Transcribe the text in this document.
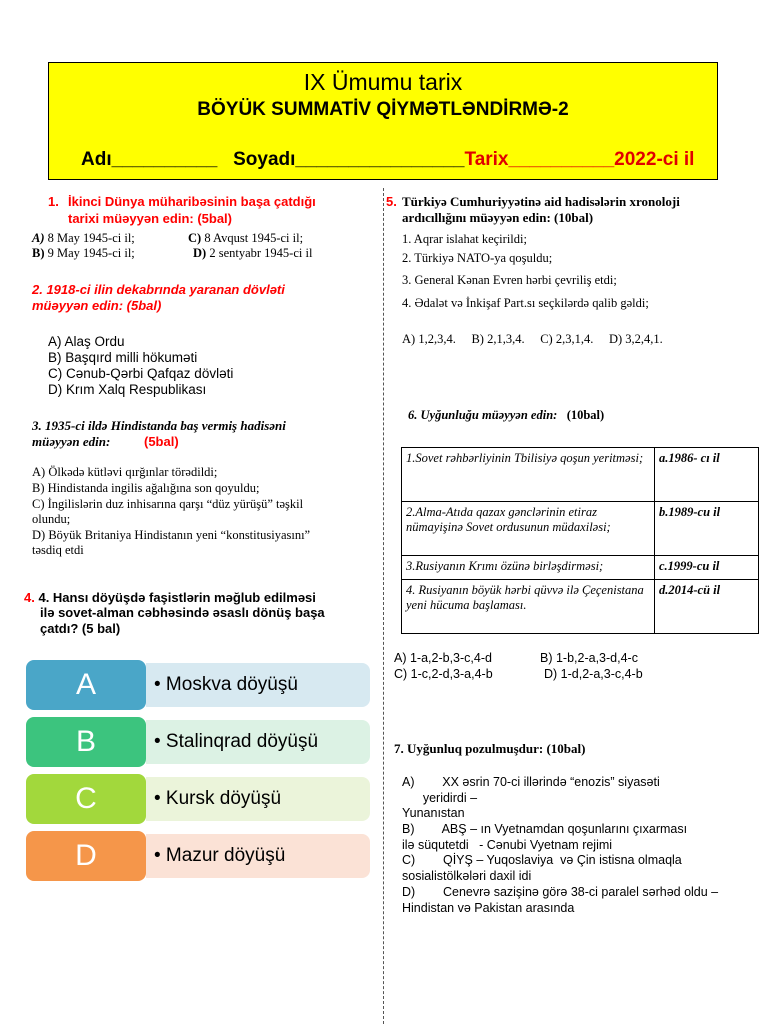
IX Ümumu tarix
BÖYÜK SUMMATİV QİYMƏTLƏNDİRMƏ-2
Adı__________ Soyadı________________Tarix__________2022-ci il
1. İkinci Dünya müharibəsinin başa çatdığı
tarixi müəyyən edin: (5bal)
A) 8 May 1945-ci il;	C) 8 Avqust 1945-ci il;
B) 9 May 1945-ci il;	D) 2 sentyabr 1945-ci il
2. 1918-ci ilin dekabrında yaranan dövləti
müəyyən edin: (5bal)
A) Alaş Ordu
B) Başqırd milli hökuməti
C) Cənub-Qərbi Qafqaz dövləti
D) Krım Xalq Respublikası
3. 1935-ci ildə Hindistanda baş vermiş hadisəni
müəyyən edin:	(5bal)
A) Ölkədə kütləvi qırğınlar törədildi;
B) Hindistanda ingilis ağalığına son qoyuldu;
C) İngilislərin duz inhisarına qarşı “düz yürüşü” təşkil
olundu;
D) Böyük Britaniya Hindistanın yeni “konstitusiyasını”
təsdiq etdi
4. 4. Hansı döyüşdə faşistlərin məğlub edilməsi
ilə sovet-alman cəbhəsində əsaslı dönüş başa
çatdı? (5 bal)
A	• Moskva döyüşü
B	• Stalinqrad döyüşü
C	• Kursk döyüşü
D	• Mazur döyüşü
5. Türkiyə Cumhuriyyətinə aid hadisələrin xronoloji
ardıcıllığını müəyyən edin: (10bal)
1. Aqrar islahat keçirildi;
2. Türkiyə NATO-ya qoşuldu;
3. General Kənan Evren hərbi çevriliş etdi;
4. Ədalət və İnkişaf Part.sı seçkilərdə qalib gəldi;
A) 1,2,3,4.     B) 2,1,3,4.     C) 2,3,1,4.     D) 3,2,4,1.
6. Uyğunluğu müəyyən edin: (10bal)
1.Sovet rəhbərliyinin Tbilisiyə qoşun yeritməsi;	a.1986- cı il
2.Alma-Atıda qazax gənclərinin etiraz nümayişinə Sovet ordusunun müdaxiləsi;	b.1989-cu il
3.Rusiyanın Krımı özünə birləşdirməsi;	c.1999-cu il
4. Rusiyanın böyük hərbi qüvvə ilə Çeçenistana yeni hücuma başlaması.	d.2014-cü il
A) 1-a,2-b,3-c,4-d	B) 1-b,2-a,3-d,4-c
C) 1-c,2-d,3-a,4-b	D) 1-d,2-a,3-c,4-b
7. Uyğunluq pozulmuşdur: (10bal)
A)        XX əsrin 70-ci illərində “enozis” siyasəti
yeridirdi –
Yunanıstan
B)        ABŞ – ın Vyetnamdan qoşunlarını çıxarması
ilə süqutetdi   - Cənubi Vyetnam rejimi
C)        QİYŞ – Yuqoslaviya  və Çin istisna olmaqla
sosialistölkələri daxil idi
D)        Cenevrə sazişinə görə 38-ci paralel sərhəd oldu –
Hindistan və Pakistan arasında
